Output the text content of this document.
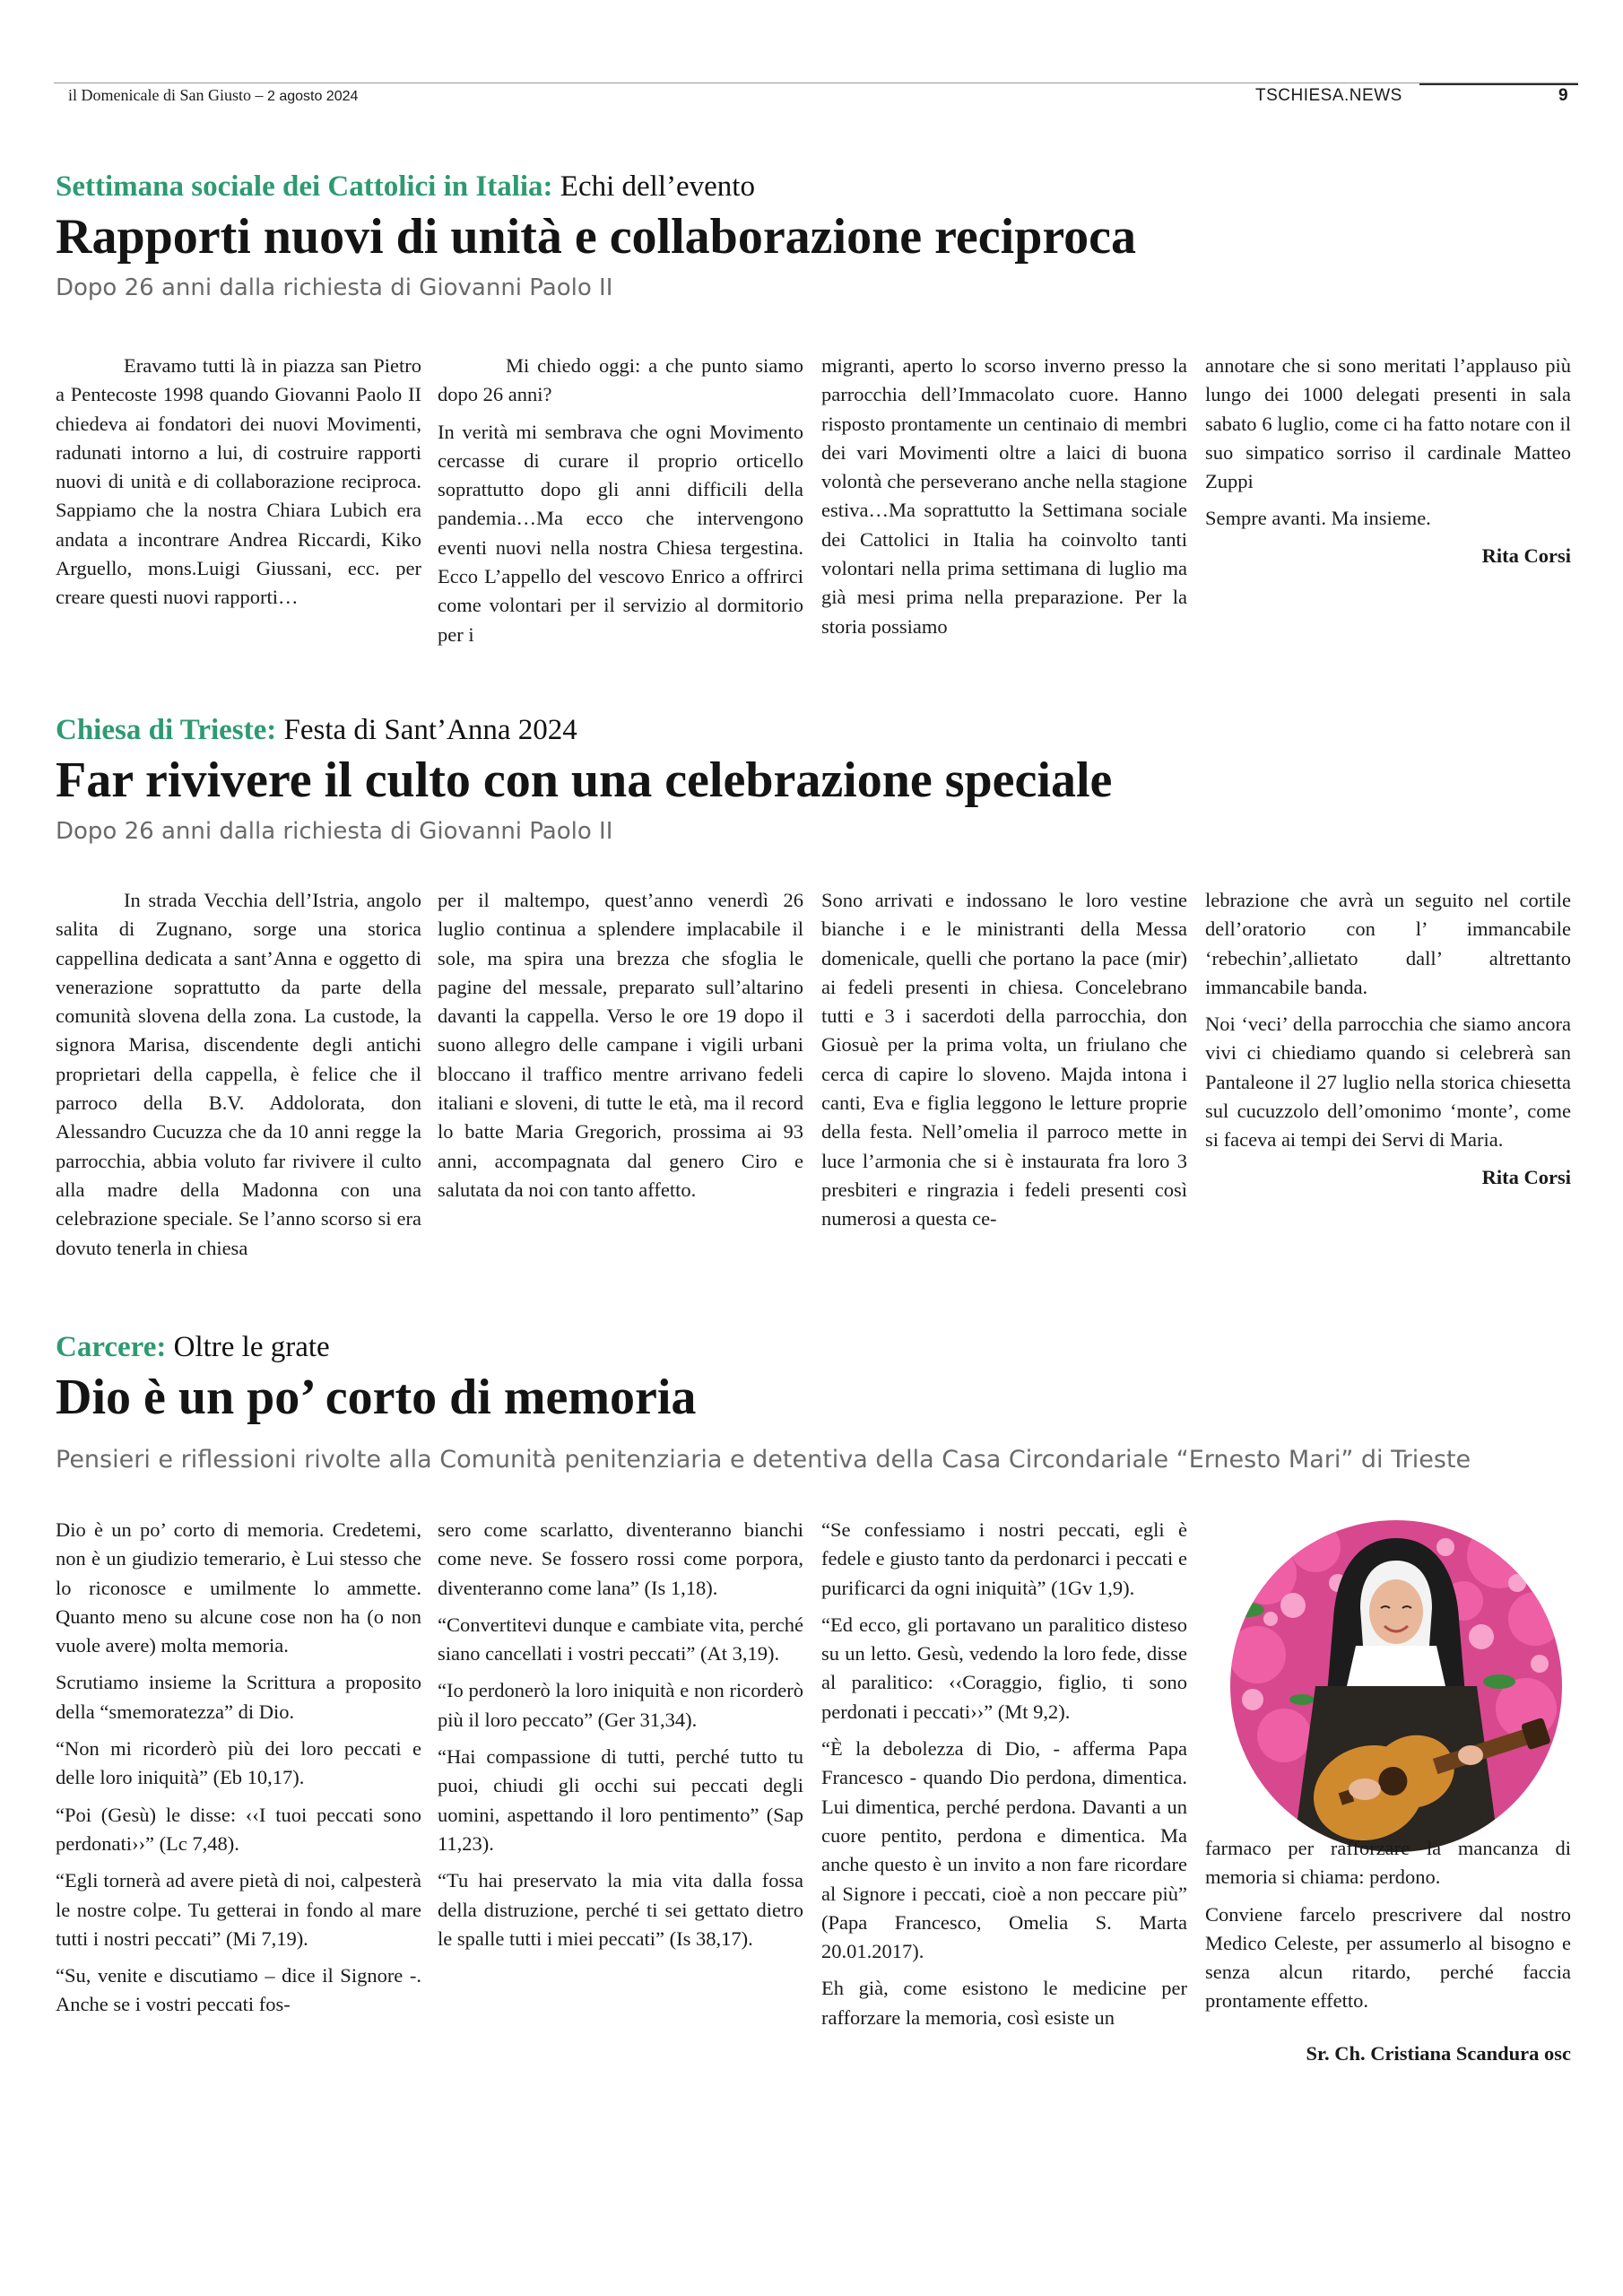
il Domenicale di San Giusto – 2 agosto 2024	TSCHIESA.NEWS	9
Settimana sociale dei Cattolici in Italia: Echi dell’evento
Rapporti nuovi di unità e collaborazione reciproca
Dopo 26 anni dalla richiesta di Giovanni Paolo II

Eravamo tutti là in piazza san Pietro a Pentecoste 1998 quando Giovanni Paolo II chiedeva ai fondatori dei nuovi Movimenti, radunati intorno a lui, di costruire rapporti nuovi di unità e di collaborazione reciproca. Sappiamo che la nostra Chiara Lubich era andata a incontrare Andrea Riccardi, Kiko Arguello, mons.Luigi Giussani, ecc. per creare questi nuovi rapporti…

Mi chiedo oggi: a che punto siamo dopo 26 anni?

In verità mi sembrava che ogni Movimento cercasse di curare il proprio orticello soprattutto dopo gli anni difficili della pandemia…Ma ecco che intervengono eventi nuovi nella nostra Chiesa tergestina. Ecco L’appello del vescovo Enrico a offrirci come volontari per il servizio al dormitorio per i

migranti, aperto lo scorso inverno presso la parrocchia dell’Immacolato cuore. Hanno risposto prontamente un centinaio di membri dei vari Movimenti oltre a laici di buona volontà che perseverano anche nella stagione estiva…Ma soprattutto la Settimana sociale dei Cattolici in Italia ha coinvolto tanti volontari nella prima settimana di luglio ma già mesi prima nella preparazione. Per la storia possiamo

annotare che si sono meritati l’applauso più lungo dei 1000 delegati presenti in sala sabato 6 luglio, come ci ha fatto notare con il suo simpatico sorriso il cardinale Matteo Zuppi

Sempre avanti. Ma insieme.

Rita Corsi
Chiesa di Trieste: Festa di Sant’Anna 2024
Far rivivere il culto con una celebrazione speciale
Dopo 26 anni dalla richiesta di Giovanni Paolo II

In strada Vecchia dell’Istria, angolo salita di Zugnano, sorge una storica cappellina dedicata a sant’Anna e oggetto di venerazione soprattutto da parte della comunità slovena della zona. La custode, la signora Marisa, discendente degli antichi proprietari della cappella, è felice che il parroco della B.V. Addolorata, don Alessandro Cucuzza che da 10 anni regge la parrocchia, abbia voluto far rivivere il culto alla madre della Madonna con una celebrazione speciale. Se l’anno scorso si era dovuto tenerla in chiesa

per il maltempo, quest’anno venerdì 26 luglio continua a splendere implacabile il sole, ma spira una brezza che sfoglia le pagine del messale, preparato sull’altarino davanti la cappella. Verso le ore 19 dopo il suono allegro delle campane i vigili urbani bloccano il traffico mentre arrivano fedeli italiani e sloveni, di tutte le età, ma il record lo batte Maria Gregorich, prossima ai 93 anni, accompagnata dal genero Ciro e salutata da noi con tanto affetto.

Sono arrivati e indossano le loro vestine bianche i e le ministranti della Messa domenicale, quelli che portano la pace (mir) ai fedeli presenti in chiesa. Concelebrano tutti e 3 i sacerdoti della parrocchia, don Giosuè per la prima volta, un friulano che cerca di capire lo sloveno. Majda intona i canti, Eva e figlia leggono le letture proprie della festa. Nell’omelia il parroco mette in luce l’armonia che si è instaurata fra loro 3 presbiteri e ringrazia i fedeli presenti così numerosi a questa ce-

lebrazione che avrà un seguito nel cortile dell’oratorio con l’ immancabile ‘rebechin’,allietato dall’ altrettanto immancabile banda.

Noi ‘veci’ della parrocchia che siamo ancora vivi ci chiediamo quando si celebrerà san Pantaleone il 27 luglio nella storica chiesetta sul cucuzzolo dell’omonimo ‘monte’, come si faceva ai tempi dei Servi di Maria.

Rita Corsi
Carcere: Oltre le grate
Dio è un po’ corto di memoria
Pensieri e riflessioni rivolte alla Comunità penitenziaria e detentiva della Casa Circondariale “Ernesto Mari” di Trieste

Dio è un po’ corto di memoria. Credetemi, non è un giudizio temerario, è Lui stesso che lo riconosce e umilmente lo ammette. Quanto meno su alcune cose non ha (o non vuole avere) molta memoria.

Scrutiamo insieme la Scrittura a proposito della “smemoratezza” di Dio.

“Non mi ricorderò più dei loro peccati e delle loro iniquità” (Eb 10,17).

“Poi (Gesù) le disse: ‹‹I tuoi peccati sono perdonati››” (Lc 7,48).

“Egli tornerà ad avere pietà di noi, calpesterà le nostre colpe. Tu getterai in fondo al mare tutti i nostri peccati” (Mi 7,19).

“Su, venite e discutiamo – dice il Signore -. Anche se i vostri peccati fos-

sero come scarlatto, diventeranno bianchi come neve. Se fossero rossi come porpora, diventeranno come lana” (Is 1,18).

“Convertitevi dunque e cambiate vita, perché siano cancellati i vostri peccati” (At 3,19).

“Io perdonerò la loro iniquità e non ricorderò più il loro peccato” (Ger 31,34).

“Hai compassione di tutti, perché tutto tu puoi, chiudi gli occhi sui peccati degli uomini, aspettando il loro pentimento” (Sap 11,23).

“Tu hai preservato la mia vita dalla fossa della distruzione, perché ti sei gettato dietro le spalle tutti i miei peccati” (Is 38,17).

“Se confessiamo i nostri peccati, egli è fedele e giusto tanto da perdonarci i peccati e purificarci da ogni iniquità” (1Gv 1,9).

“Ed ecco, gli portavano un paralitico disteso su un letto. Gesù, vedendo la loro fede, disse al paralitico: ‹‹Coraggio, figlio, ti sono perdonati i peccati››” (Mt 9,2).

“È la debolezza di Dio, - afferma Papa Francesco - quando Dio perdona, dimentica. Lui dimentica, perché perdona. Davanti a un cuore pentito, perdona e dimentica. Ma anche questo è un invito a non fare ricordare al Signore i peccati, cioè a non peccare più” (Papa Francesco, Omelia S. Marta 20.01.2017).

Eh già, come esistono le medicine per rafforzare la memoria, così esiste un

farmaco per rafforzare la mancanza di memoria si chiama: perdono.

Conviene farcelo prescrivere dal nostro Medico Celeste, per assumerlo al bisogno e senza alcun ritardo, perché faccia prontamente effetto.

Sr. Ch. Cristiana Scandura osc
